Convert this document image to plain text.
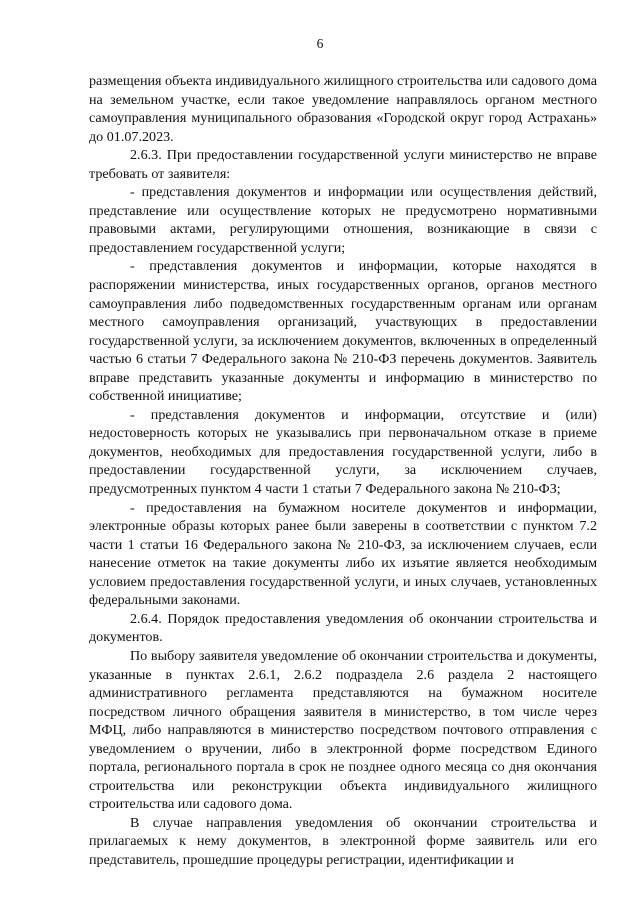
6

размещения объекта индивидуального жилищного строительства или садового дома на земельном участке, если такое уведомление направлялось органом местного самоуправления муниципального образования «Городской округ город Астрахань» до 01.07.2023.

2.6.3. При предоставлении государственной услуги министерство не вправе требовать от заявителя:

- представления документов и информации или осуществления действий, представление или осуществление которых не предусмотрено нормативными правовыми актами, регулирующими отношения, возникающие в связи с предоставлением государственной услуги;

- представления документов и информации, которые находятся в распоряжении министерства, иных государственных органов, органов местного самоуправления либо подведомственных государственным органам или органам местного самоуправления организаций, участвующих в предоставлении государственной услуги, за исключением документов, включенных в определенный частью 6 статьи 7 Федерального закона № 210-ФЗ перечень документов. Заявитель вправе представить указанные документы и информацию в министерство по собственной инициативе;

- представления документов и информации, отсутствие и (или) недостоверность которых не указывались при первоначальном отказе в приеме документов, необходимых для предоставления государственной услуги, либо в предоставлении государственной услуги, за исключением случаев, предусмотренных пунктом 4 части 1 статьи 7 Федерального закона № 210-ФЗ;

- предоставления на бумажном носителе документов и информации, электронные образы которых ранее были заверены в соответствии с пунктом 7.2 части 1 статьи 16 Федерального закона № 210-ФЗ, за исключением случаев, если нанесение отметок на такие документы либо их изъятие является необходимым условием предоставления государственной услуги, и иных случаев, установленных федеральными законами.

2.6.4. Порядок предоставления уведомления об окончании строительства и документов.

По выбору заявителя уведомление об окончании строительства и документы, указанные в пунктах 2.6.1, 2.6.2 подраздела 2.6 раздела 2 настоящего административного регламента представляются на бумажном носителе посредством личного обращения заявителя в министерство, в том числе через МФЦ, либо направляются в министерство посредством почтового отправления с уведомлением о вручении, либо в электронной форме посредством Единого портала, регионального портала в срок не позднее одного месяца со дня окончания строительства или реконструкции объекта индивидуального жилищного строительства или садового дома.

В случае направления уведомления об окончании строительства и прилагаемых к нему документов, в электронной форме заявитель или его представитель, прошедшие процедуры регистрации, идентификации и
